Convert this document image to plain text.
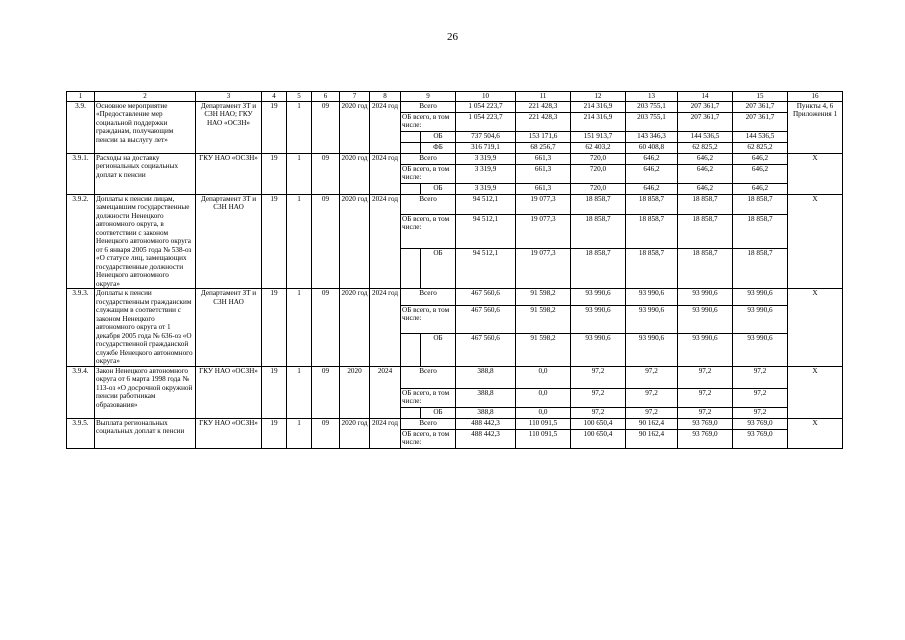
26
1	2	3	4	5	6	7	8	9		10	11	12	13	14	15	16
3.9.	Основное мероприятие «Предоставление мер социальной поддержки гражданам, получающим пенсии за выслугу лет»	Департамент ЗТ и СЗН НАО; ГКУ НАО «ОСЗН»	19	1	09	2020 год	2024 год	Всего		1 054 223,7	221 428,3	214 316,9	203 755,1	207 361,7	207 361,7	Пункты 4, 6 Приложения 1
								ОБ всего, в том числе:		1 054 223,7	221 428,3	214 316,9	203 755,1	207 361,7	207 361,7	
									ОБ	737 504,6	153 171,6	151 913,7	143 346,3	144 536,5	144 536,5	
									ФБ	316 719,1	68 256,7	62 403,2	60 408,8	62 825,2	62 825,2	
3.9.1.	Расходы на доставку региональных социальных доплат к пенсии	ГКУ НАО «ОСЗН»	19	1	09	2020 год	2024 год	Всего		3 319,9	661,3	720,0	646,2	646,2	646,2	X
								ОБ всего, в том числе:		3 319,9	661,3	720,0	646,2	646,2	646,2	
									ОБ	3 319,9	661,3	720,0	646,2	646,2	646,2	
3.9.2.	Доплаты к пенсии лицам, замещавшим государственные должности Ненецкого автономного округа, в соответствии с законом Ненецкого автономного округа от 6 января 2005 года № 538-оз «О статусе лиц, замещающих государственные должности Ненецкого автономного округа»	Департамент ЗТ и СЗН НАО	19	1	09	2020 год	2024 год	Всего		94 512,1	19 077,3	18 858,7	18 858,7	18 858,7	18 858,7	X
								ОБ всего, в том числе:		94 512,1	19 077,3	18 858,7	18 858,7	18 858,7	18 858,7	
									ОБ	94 512,1	19 077,3	18 858,7	18 858,7	18 858,7	18 858,7	
3.9.3.	Доплаты к пенсии государственным гражданским служащим в соответствии с законом Ненецкого автономного округа от 1 декабря 2005 года № 636-оз «О государственной гражданской службе Ненецкого автономного округа»	Департамент ЗТ и СЗН НАО	19	1	09	2020 год	2024 год	Всего		467 560,6	91 598,2	93 990,6	93 990,6	93 990,6	93 990,6	X
								ОБ всего, в том числе:		467 560,6	91 598,2	93 990,6	93 990,6	93 990,6	93 990,6	
									ОБ	467 560,6	91 598,2	93 990,6	93 990,6	93 990,6	93 990,6	
3.9.4.	Закон Ненецкого автономного округа от 6 марта 1998 года № 113-оз «О досрочной окружной пенсии работникам образования»	ГКУ НАО «ОСЗН»	19	1	09	2020	2024	Всего		388,8	0,0	97,2	97,2	97,2	97,2	X
								ОБ всего, в том числе:		388,8	0,0	97,2	97,2	97,2	97,2	
									ОБ	388,8	0,0	97,2	97,2	97,2	97,2	
3.9.5.	Выплата региональных социальных доплат к пенсии	ГКУ НАО «ОСЗН»	19	1	09	2020 год	2024 год	Всего		488 442,3	110 091,5	100 650,4	90 162,4	93 769,0	93 769,0	X
								ОБ всего, в том числе:		488 442,3	110 091,5	100 650,4	90 162,4	93 769,0	93 769,0	
